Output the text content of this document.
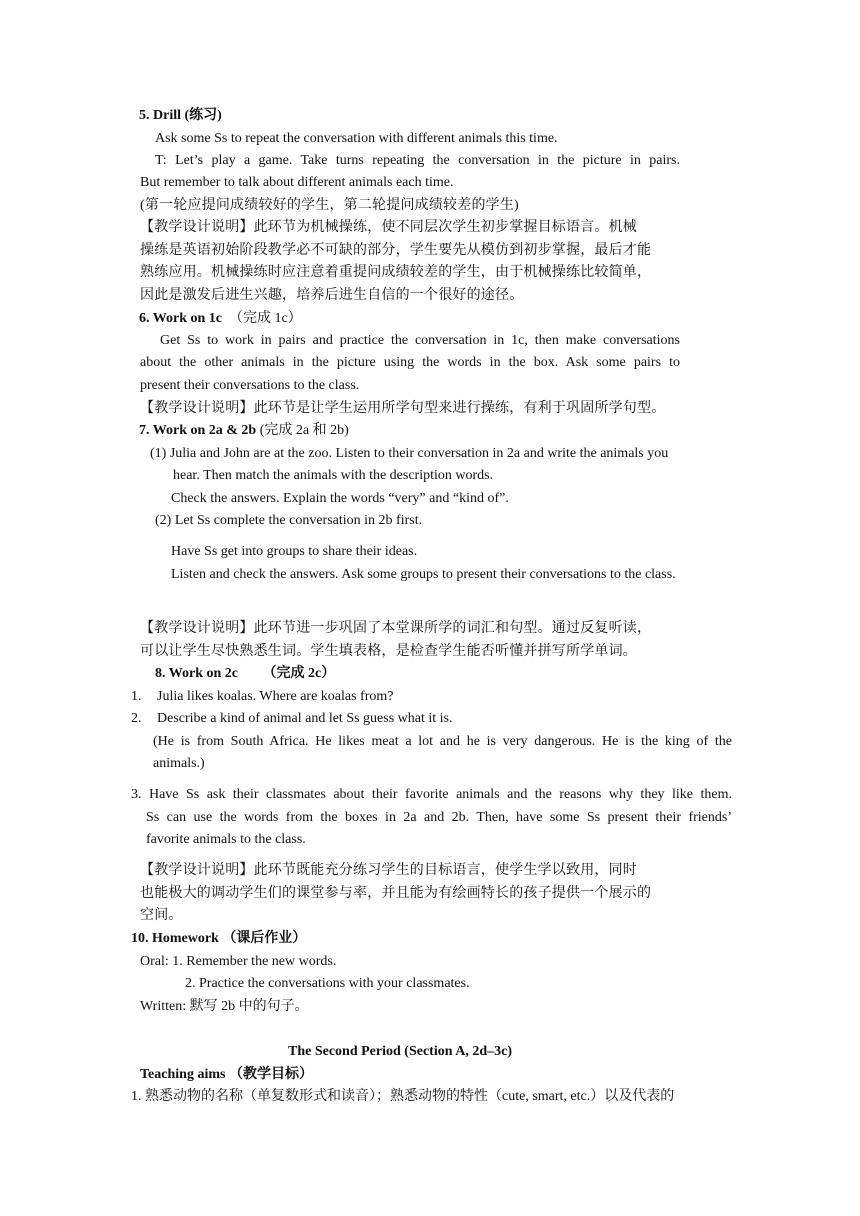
5. Drill (练习)
Ask some Ss to repeat the conversation with different animals this time.
T: Let’s play a game. Take turns repeating the conversation in the picture in pairs.
But remember to talk about different animals each time.
(第一轮应提问成绩较好的学生，第二轮提问成绩较差的学生)
【教学设计说明】此环节为机械操练，使不同层次学生初步掌握目标语言。机械
操练是英语初始阶段教学必不可缺的部分，学生要先从模仿到初步掌握，最后才能
熟练应用。机械操练时应注意着重提问成绩较差的学生，由于机械操练比较简单，
因此是激发后进生兴趣，培养后进生自信的一个很好的途径。
6. Work on 1c （完成 1c）
Get Ss to work in pairs and practice the conversation in 1c, then make conversations
about the other animals in the picture using the words in the box. Ask some pairs to
present their conversations to the class.
【教学设计说明】此环节是让学生运用所学句型来进行操练，有利于巩固所学句型。
7. Work on 2a & 2b (完成 2a 和 2b)
(1) Julia and John are at the zoo. Listen to their conversation in 2a and write the animals you
hear. Then match the animals with the description words.
Check the answers. Explain the words “very” and “kind of”.
(2) Let Ss complete the conversation in 2b first.
Have Ss get into groups to share their ideas.
Listen and check the answers. Ask some groups to present their conversations to the class.
【教学设计说明】此环节进一步巩固了本堂课所学的词汇和句型。通过反复听读，
可以让学生尽快熟悉生词。学生填表格，是检查学生能否听懂并拼写所学单词。
8. Work on 2c （完成 2c）
1. Julia likes koalas. Where are koalas from?
2. Describe a kind of animal and let Ss guess what it is.
(He is from South Africa. He likes meat a lot and he is very dangerous. He is the king of the
animals.)
3. Have Ss ask their classmates about their favorite animals and the reasons why they like them.
Ss can use the words from the boxes in 2a and 2b. Then, have some Ss present their friends’
favorite animals to the class.
【教学设计说明】此环节既能充分练习学生的目标语言，使学生学以致用，同时
也能极大的调动学生们的课堂参与率，并且能为有绘画特长的孩子提供一个展示的
空间。
10. Homework （课后作业）
Oral: 1. Remember the new words.
2. Practice the conversations with your classmates.
Written: 默写 2b 中的句子。
The Second Period (Section A, 2d–3c)
Teaching aims （教学目标）
1. 熟悉动物的名称（单复数形式和读音）；熟悉动物的特性（cute, smart, etc.）以及代表的
